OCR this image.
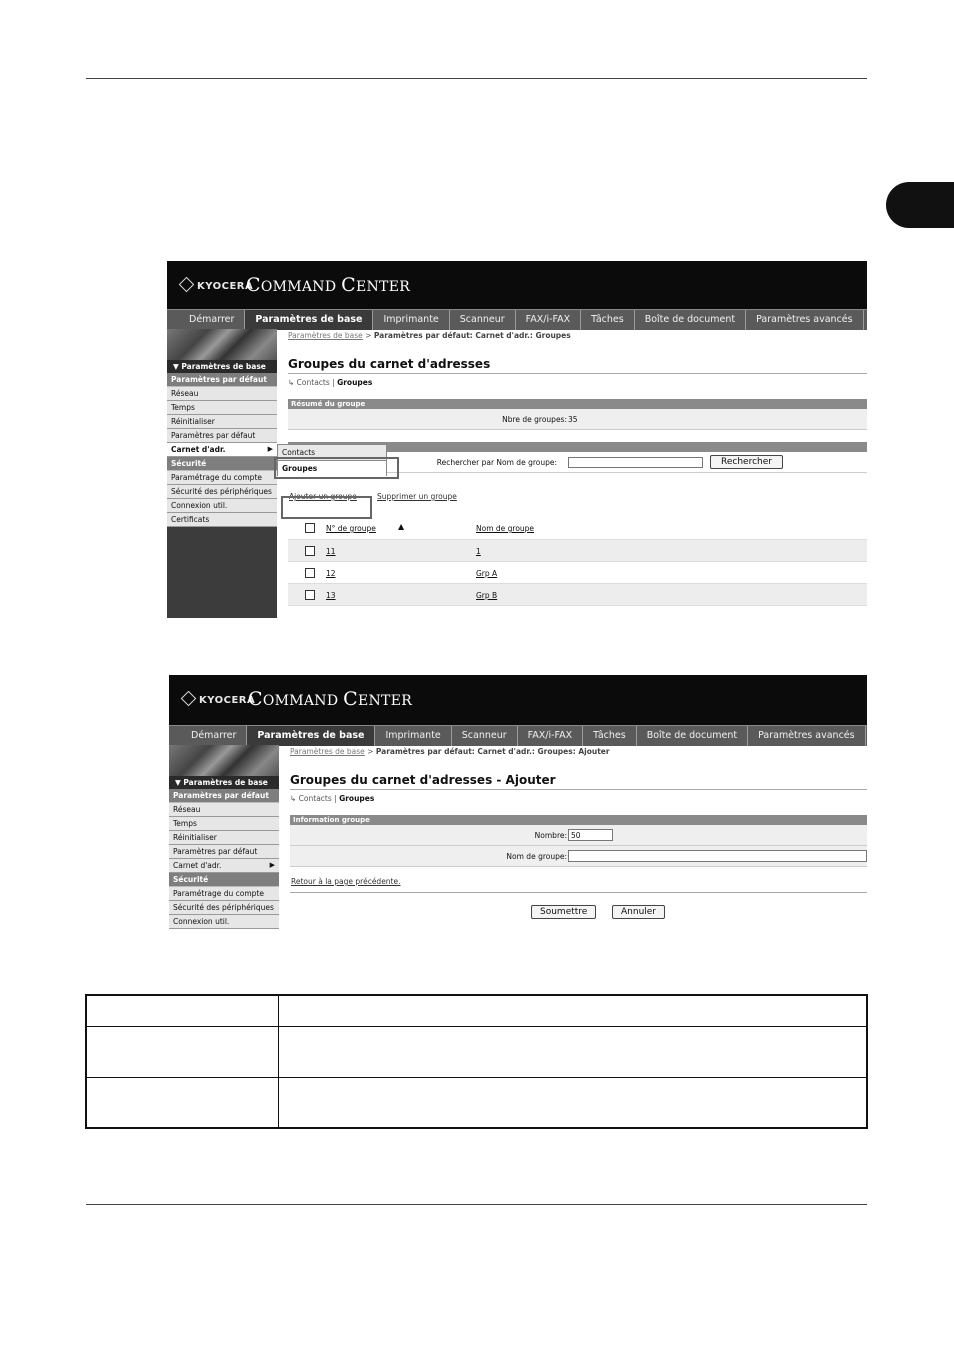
KYOCERA
COMMAND CENTER
Démarrer	Paramètres de base	Imprimante	Scanneur	FAX/i-FAX	Tâches	Boîte de document	Paramètres avancés
▼ Paramètres de base
Paramètres par défaut
Réseau
Temps
Réinitialiser
Paramètres par défaut
Carnet d'adr.	▶
Sécurité
Paramétrage du compte
Sécurité des périphériques
Connexion util.
Certificats
Paramètres de base > Paramètres par défaut: Carnet d'adr.: Groupes
Groupes du carnet d'adresses
↳ Contacts | Groupes
Résumé du groupe
Nbre de groupes: 35
Rechercher par Nom de groupe:	Rechercher
Ajouter un groupe	Supprimer un groupe
N° de groupe	▲	Nom de groupe
11	1
12	Grp A
13	Grp B
Contacts
Groupes
KYOCERA
COMMAND CENTER
Démarrer	Paramètres de base	Imprimante	Scanneur	FAX/i-FAX	Tâches	Boîte de document	Paramètres avancés
▼ Paramètres de base
Paramètres par défaut
Réseau
Temps
Réinitialiser
Paramètres par défaut
Carnet d'adr.	▶
Sécurité
Paramétrage du compte
Sécurité des périphériques
Connexion util.
Paramètres de base > Paramètres par défaut: Carnet d'adr.: Groupes: Ajouter
Groupes du carnet d'adresses - Ajouter
↳ Contacts | Groupes
Information groupe
Nombre: 50
Nom de groupe:
Retour à la page précédente.
Soumettre	Annuler
